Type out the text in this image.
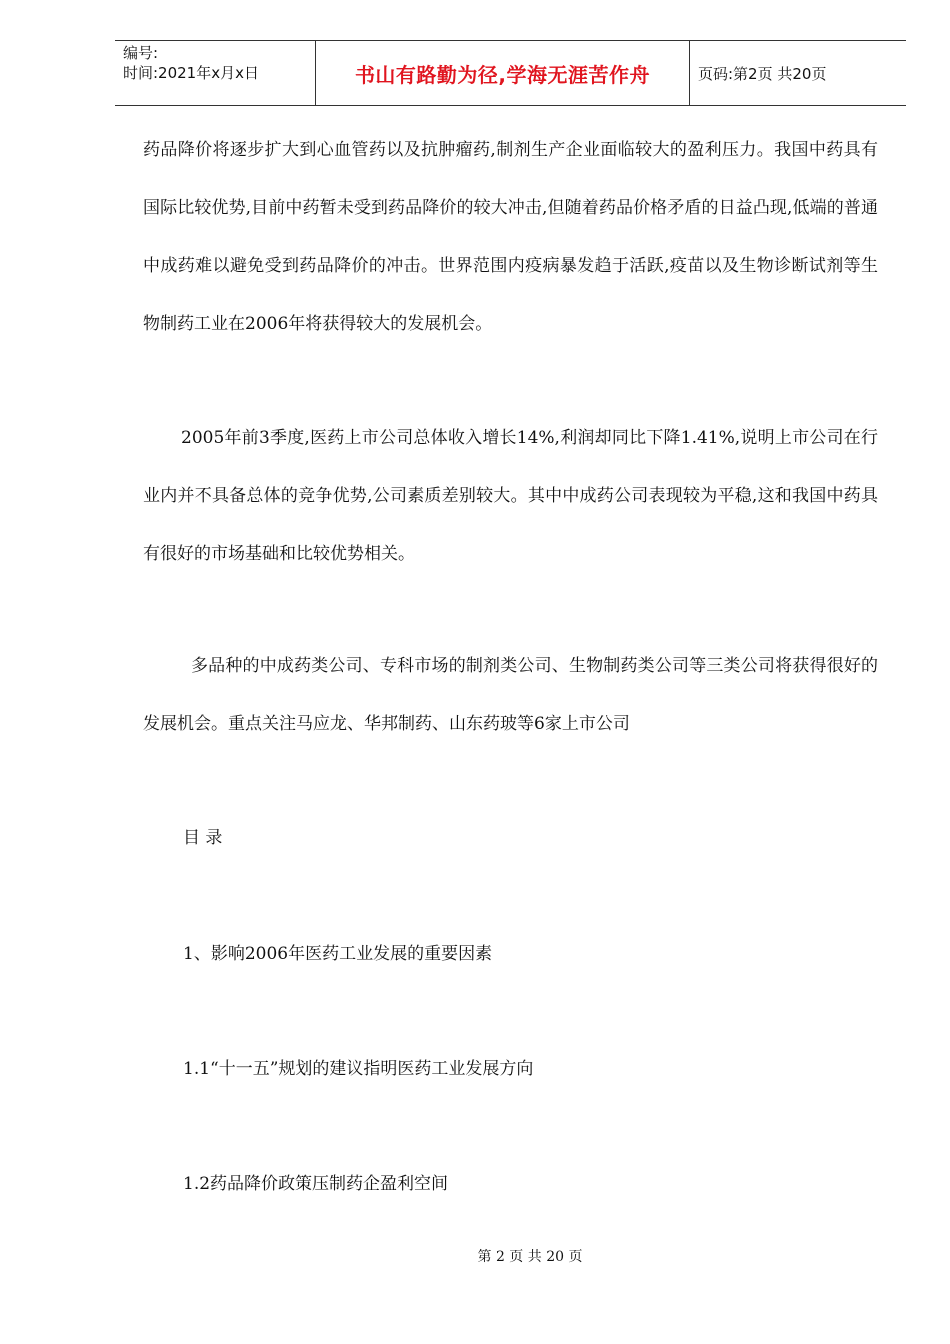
编号:
时间:2021年x月x日	书山有路勤为径,学海无涯苦作舟	页码:第2页 共20页

药品降价将逐步扩大到心血管药以及抗肿瘤药,制剂生产企业面临较大的盈利压力。我国中药具有国际比较优势,目前中药暂未受到药品降价的较大冲击,但随着药品价格矛盾的日益凸现,低端的普通中成药难以避免受到药品降价的冲击。世界范围内疫病暴发趋于活跃,疫苗以及生物诊断试剂等生物制药工业在2006年将获得较大的发展机会。

2005年前3季度,医药上市公司总体收入增长14%,利润却同比下降1.41%,说明上市公司在行业内并不具备总体的竞争优势,公司素质差别较大。其中中成药公司表现较为平稳,这和我国中药具有很好的市场基础和比较优势相关。

多品种的中成药类公司、专科市场的制剂类公司、生物制药类公司等三类公司将获得很好的发展机会。重点关注马应龙、华邦制药、山东药玻等6家上市公司

目 录
1、影响2006年医药工业发展的重要因素
1.1“十一五”规划的建议指明医药工业发展方向
1.2药品降价政策压制药企盈利空间
第 2 页 共 20 页
